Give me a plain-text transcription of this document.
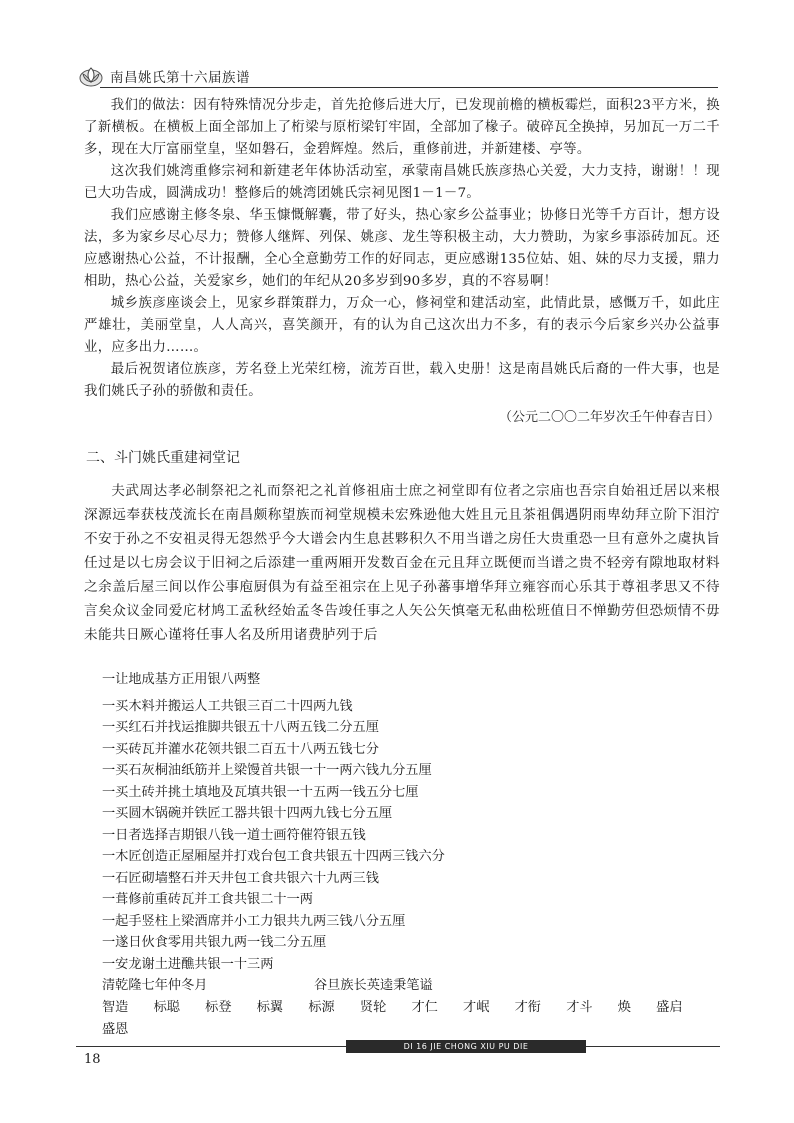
南昌姚氏第十六届族谱

我们的做法：因有特殊情况分步走，首先抢修后进大厅，已发现前檐的横板霉烂，面积23平方米，换了新横板。在横板上面全部加上了桁梁与原桁梁钉牢固，全部加了椽子。破碎瓦全换掉，另加瓦一万二千多，现在大厅富丽堂皇，坚如磐石，金碧辉煌。然后，重修前进，并新建楼、亭等。

这次我们姚湾重修宗祠和新建老年体协活动室，承蒙南昌姚氏族彦热心关爱，大力支持，谢谢！！现已大功告成，圆满成功！整修后的姚湾团姚氏宗祠见图1－1－7。

我们应感谢主修冬泉、华玉慷慨解囊，带了好头，热心家乡公益事业；协修日光等千方百计，想方设法，多为家乡尽心尽力；赞修人继辉、列保、姚彦、龙生等积极主动，大力赞助，为家乡事添砖加瓦。还应感谢热心公益，不计报酬，全心全意勤劳工作的好同志，更应感谢135位姑、姐、妹的尽力支援，鼎力相助，热心公益，关爱家乡，她们的年纪从20多岁到90多岁，真的不容易啊！

城乡族彦座谈会上，见家乡群策群力，万众一心，修祠堂和建活动室，此情此景，感慨万千，如此庄严雄壮，美丽堂皇，人人高兴，喜笑颜开，有的认为自己这次出力不多，有的表示今后家乡兴办公益事业，应多出力……。

最后祝贺诸位族彦，芳名登上光荣红榜，流芳百世，载入史册！这是南昌姚氏后裔的一件大事，也是我们姚氏子孙的骄傲和责任。

（公元二〇〇二年岁次壬午仲春吉日）

二、斗门姚氏重建祠堂记

夫武周达孝必制祭祀之礼而祭祀之礼首修祖庙士庶之祠堂即有位者之宗庙也吾宗自始祖迁居以来根深源远奉获枝茂流长在南昌颇称望族而祠堂规模未宏殊逊他大姓且元且茶祖偶遇阴雨卑幼拜立阶下泪泞不安于孙之不安祖灵得无怨然乎今大谱会内生息甚夥积久不用当谱之房任大贵重恐一旦有意外之虞执旨任过是以七房会议于旧祠之后添建一重两厢开发数百金在元且拜立既便而当谱之贵不轻旁有隙地取材料之余盖后屋三间以作公事庖厨俱为有益至祖宗在上见子孙蕃事增华拜立雍容而心乐其于尊祖孝思又不待言矣众议金同爱庀材鸠工孟秋经始孟冬告竣任事之人矢公矢慎毫无私曲松班值日不惮勤劳但恐烦情不毋未能共日厥心谨将任事人名及所用诸费胪列于后

一让地成基方正用银八两整

一买木料并搬运人工共银三百二十四两九钱

一买红石并找运推脚共银五十八两五钱二分五厘

一买砖瓦并灌水花领共银二百五十八两五钱七分

一买石灰桐油纸筋并上梁馒首共银一十一两六钱九分五厘

一买土砖并挑土填地及瓦填共银一十五两一钱五分七厘

一买圆木锅碗并铁匠工器共银十四两九钱七分五厘

一日者选择吉期银八钱一道士画符催符银五钱

一木匠创造正屋厢屋并打戏台包工食共银五十四两三钱六分

一石匠砌墙整石并天井包工食共银六十九两三钱

一葺修前重砖瓦并工食共银二十一两

一起手竖柱上梁酒席并小工力银共九两三钱八分五厘

一遂日伙食零用共银九两一钱二分五厘

一安龙谢土进醮共银一十三两

清乾隆七年仲冬月	谷旦族长英逵秉笔谥
智造 标聪 标登 标翼 标源 贤轮 才仁 才岷 才衔 才斗 焕 盛启 盛恩
DI 16 JIE CHONG XIU PU DIE
18
